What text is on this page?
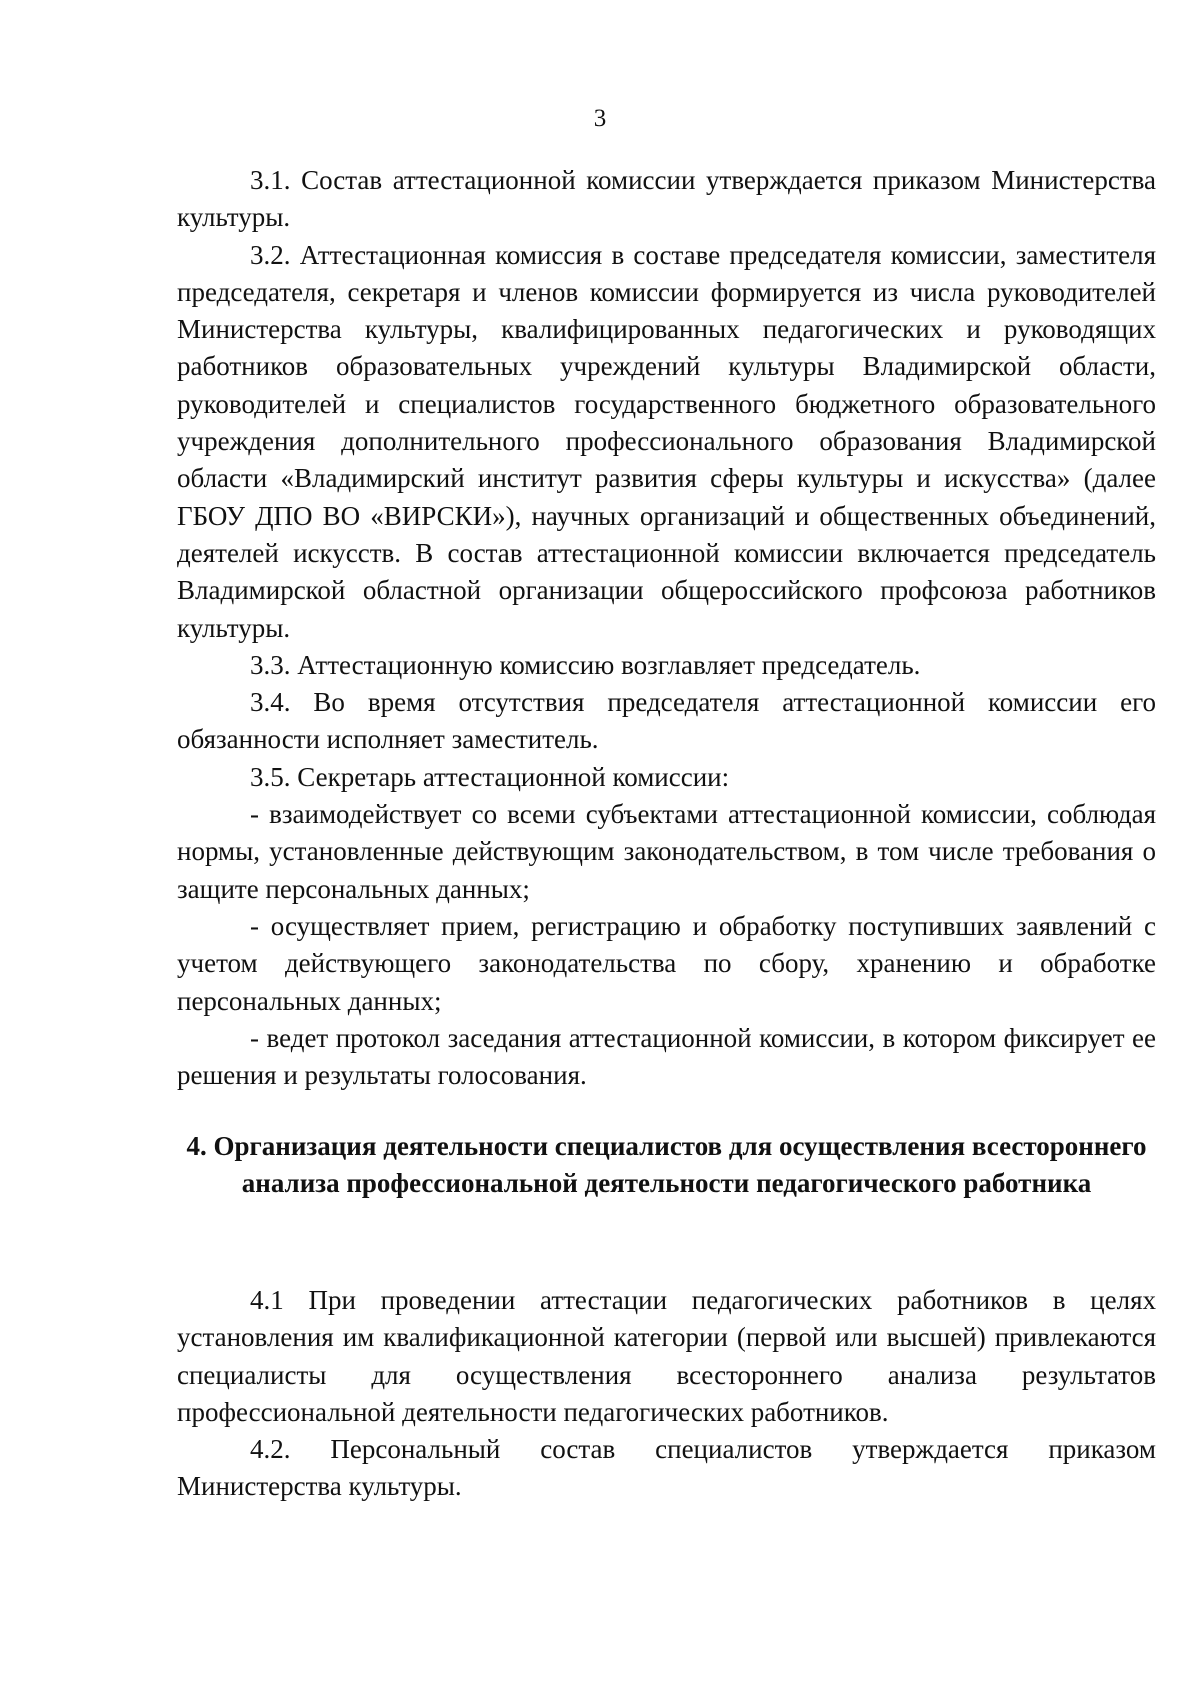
3

3.1. Состав аттестационной комиссии утверждается приказом Министерства культуры.

3.2. Аттестационная комиссия в составе председателя комиссии, заместителя председателя, секретаря и членов комиссии формируется из числа руководителей Министерства культуры, квалифицированных педагогических и руководящих работников образовательных учреждений культуры Владимирской области, руководителей и специалистов государственного бюджетного образовательного учреждения дополнительного профессионального образования Владимирской области «Владимирский институт развития сферы культуры и искусства» (далее ГБОУ ДПО ВО «ВИРСКИ»), научных организаций и общественных объединений, деятелей искусств. В состав аттестационной комиссии включается председатель Владимирской областной организации общероссийского профсоюза работников культуры.

3.3. Аттестационную комиссию возглавляет председатель.

3.4. Во время отсутствия председателя аттестационной комиссии его обязанности исполняет заместитель.

3.5. Секретарь аттестационной комиссии:

- взаимодействует со всеми субъектами аттестационной комиссии, соблюдая нормы, установленные действующим законодательством, в том числе требования о защите персональных данных;

- осуществляет прием, регистрацию и обработку поступивших заявлений с учетом действующего законодательства по сбору, хранению и обработке персональных данных;

- ведет протокол заседания аттестационной комиссии, в котором фиксирует ее решения и результаты голосования.

4. Организация деятельности специалистов для осуществления всестороннего анализа профессиональной деятельности педагогического работника

4.1 При проведении аттестации педагогических работников в целях установления им квалификационной категории (первой или высшей) привлекаются специалисты для осуществления всестороннего анализа результатов профессиональной деятельности педагогических работников.

4.2. Персональный состав специалистов утверждается приказом Министерства культуры.
